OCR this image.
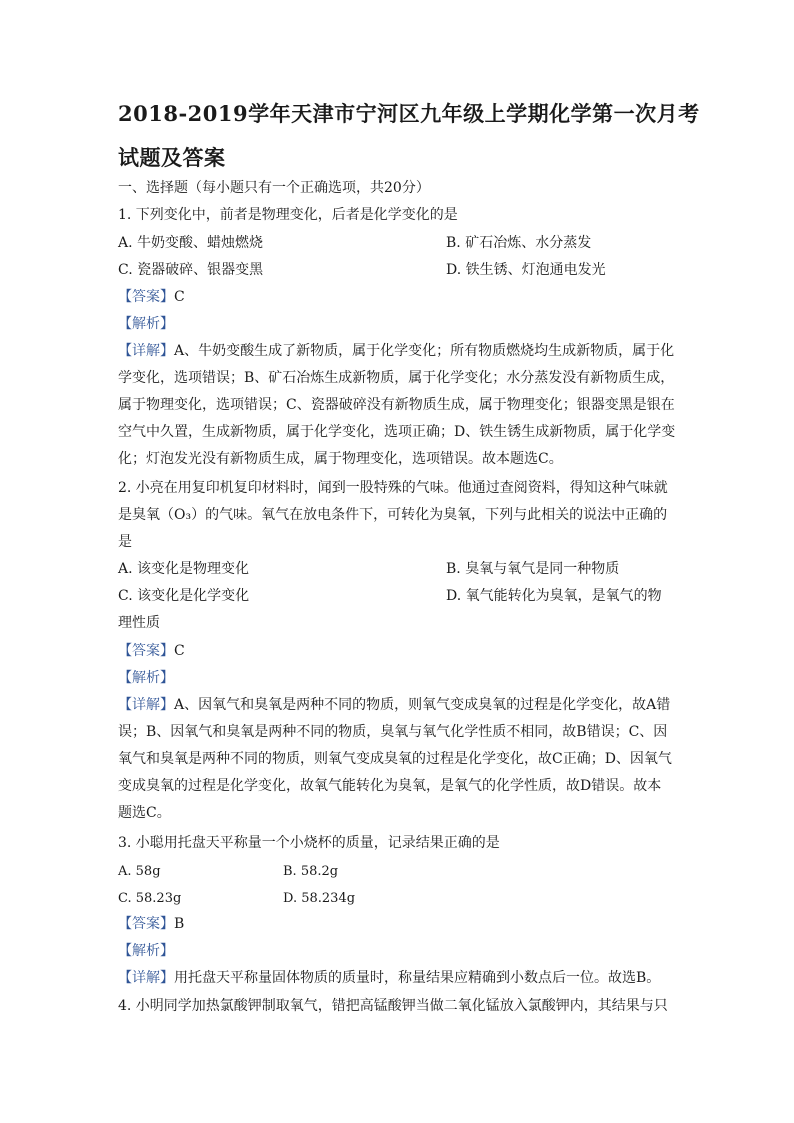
2018-2019学年天津市宁河区九年级上学期化学第一次月考
试题及答案
一、选择题（每小题只有一个正确选项，共20分）
1. 下列变化中，前者是物理变化，后者是化学变化的是
A. 牛奶变酸、蜡烛燃烧	B. 矿石冶炼、水分蒸发
C. 瓷器破碎、银器变黑	D. 铁生锈、灯泡通电发光
【答案】C
【解析】
【详解】A、牛奶变酸生成了新物质，属于化学变化；所有物质燃烧均生成新物质，属于化
学变化，选项错误；B、矿石冶炼生成新物质，属于化学变化；水分蒸发没有新物质生成，
属于物理变化，选项错误；C、瓷器破碎没有新物质生成，属于物理变化；银器变黑是银在
空气中久置，生成新物质，属于化学变化，选项正确；D、铁生锈生成新物质，属于化学变
化；灯泡发光没有新物质生成，属于物理变化，选项错误。故本题选C。
2. 小亮在用复印机复印材料时，闻到一股特殊的气味。他通过查阅资料，得知这种气味就
是臭氧（O₃）的气味。氧气在放电条件下，可转化为臭氧，下列与此相关的说法中正确的
是
A. 该变化是物理变化	B. 臭氧与氧气是同一种物质
C. 该变化是化学变化	D. 氧气能转化为臭氧，是氧气的物
理性质
【答案】C
【解析】
【详解】A、因氧气和臭氧是两种不同的物质，则氧气变成臭氧的过程是化学变化，故A错
误；B、因氧气和臭氧是两种不同的物质，臭氧与氧气化学性质不相同，故B错误；C、因
氧气和臭氧是两种不同的物质，则氧气变成臭氧的过程是化学变化，故C正确；D、因氧气
变成臭氧的过程是化学变化，故氧气能转化为臭氧，是氧气的化学性质，故D错误。故本
题选C。
3. 小聪用托盘天平称量一个小烧杯的质量，记录结果正确的是
A. 58g	B. 58.2g
C. 58.23g	D. 58.234g
【答案】B
【解析】
【详解】用托盘天平称量固体物质的质量时，称量结果应精确到小数点后一位。故选B。
4. 小明同学加热氯酸钾制取氧气，错把高锰酸钾当做二氧化锰放入氯酸钾内，其结果与只
